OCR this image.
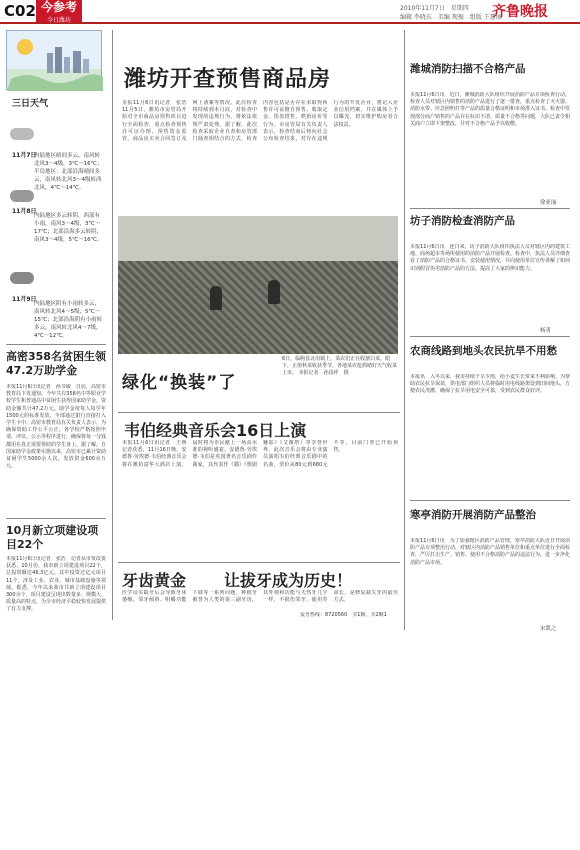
C02 今参考
今日潍坊
2010年11月7日　星期四
编辑 李晓东　美编 现振　组版 王慧丽
齐鲁晚报
三日天气
11月7日
内陆地区晴间多云，南风转北风3～4级，3℃～16℃；半岛地区：北部沿海晴间多云，南风转北风3～4级转西北风，4℃～14℃。
11月8日
内陆地区多云转阴，西部有小雨，南风3～4级，3℃～17℃；北部沿海多云转阴，南风3～4级，5℃～16℃。
11月9日
内陆地区阴有小雨转多云，南风转北风4～5级，5℃～15℃；北部沿海阴有小雨转多云，南风转北风4～7级，4℃～12℃。
高密358名贫困生领47.2万助学金
本报11月6日讯记者　孙书敏　日前，高密市教育局下发通知，今年共有358名中等职业学校学生和普通高中贫困生获得国家助学金，资助金额共计47.2万元。助学金按每人每学年1500元的标准发放，全部通过银行直接打入学生卡中。高密市教育局有关负责人表示，为确保资助工作公平公正，各学校严格按照申请、评议、公示等程序进行，确保将每一分钱都用在真正需要帮助的学生身上。据了解，自国家助学金政策实施以来，高密市已累计资助贫困学生5000余人次，发放资金600余万元。
10月新立项建设项目22个
本报11月6日讯记者　张浩　记者从市发改委获悉，10月份，我市新立项建设项目22个，总投资额达46.3亿元。其中投资过亿元项目11个，涉及工业、农业、城市基础设施等领域。据悉，今年以来我市共新立项建设项目300余个，项目建设呈现出数量多、规模大、质量高的特点，为全市经济平稳较快发展提供了有力支撑。
潍坊开查预售商品房
本报11月6日讯记者　张浩　11月5日，潍坊市房管局开始对全市商品房预售项目进行全面检查，重点检查预售许可证办理、预售资金监管、商品房买卖合同签订及网上备案等情况。此次检查将持续到本月底，对检查中发现的违规行为，将依法依规严肃处理。据了解，此次检查采取企业自查和房管部门抽查相结合的方式，检查内容包括是否存在未取得预售许可证擅自预售、收取定金、捂盘惜售、哄抬房价等行为。市房管局有关负责人表示，检查结束后将向社会公布检查结果，对存在违规行为的开发企业，将记入企业信用档案，并在媒体上予以曝光，切实维护购房者合法权益。
绿化“换装”了
6日，临朐县北沟镇上，菜农们正在收割白菜。眼下，正值秋菜收获季节，各地菜农抢抓晴好天气收菜上市。 本报记者　孙国祥　摄
韦伯经典音乐会16日上演
本报11月6日讯记者　王燕　记者获悉，11月16日晚，安德鲁·劳埃德·韦伯经典音乐会将在潍坊富华大酒店上演，届时将为市民献上一场高水准的视听盛宴。安德鲁·劳埃德·韦伯是英国著名音乐剧作曲家，其代表作《猫》《歌剧魅影》《艾薇塔》等享誉世界，此次音乐会将由专业演员演唱韦伯经典音乐剧中的名曲，票价从80元到680元不等，目前门票已开始预售。
牙齿黄金 让拔牙成为历史！
医学证实缺牙后会导致牙床萎缩、邻牙倾斜、咀嚼功能下降等一系列问题。种植牙被誉为人类的第三副牙齿，其外观和功能与天然牙几乎一样，不损伤邻牙，使用寿命长，是修复缺失牙的最佳方式。
爱牙热线：8720560　买1颗，买2颗1
潍城消防扫描不合格产品
本报11月6日讯　近日，潍城消防大队组织开展消防产品专项检查行动，检查人员对辖区内销售的消防产品进行了逐一排查，重点检查了灭火器、消防水带、应急照明灯等产品的质量合格证明和市场准入证书。检查中发现部分商户销售的产品存在标识不清、质量不合格等问题，大队已责令相关商户立即下架整改，并对不合格产品予以收缴。
徐亚丽
坊子消防检查消防产品
本报11月6日讯　连日来，坊子消防大队组织执法人员对辖区内的建筑工地、商场超市等场所使用的消防产品开展检查。检查中，执法人员详细查看了消防产品的合格证书、安装使用情况，并向使用单位宣传讲解了如何识别假冒伪劣消防产品的方法，提高了大家的辨识能力。
杨菁
农商线路到地头农民抗旱不用愁
本报讯　入冬以来，我市持续干旱少雨，给小麦生长带来不利影响。为帮助农民抗旱保苗，供电部门组织人员将临时用电线路架设到田间地头，方便农民浇灌，确保了抗旱用电安全可靠，受到农民群众好评。
寒亭消防开展消防产品整治
本报11月6日讯　为了加强辖区消防产品管理，寒亭消防大队近日开展消防产品专项整治行动，对辖区内消防产品销售单位和重点单位进行全面检查，严厉打击生产、销售、使用不合格消防产品的违法行为，进一步净化消防产品市场。
宋凯之
